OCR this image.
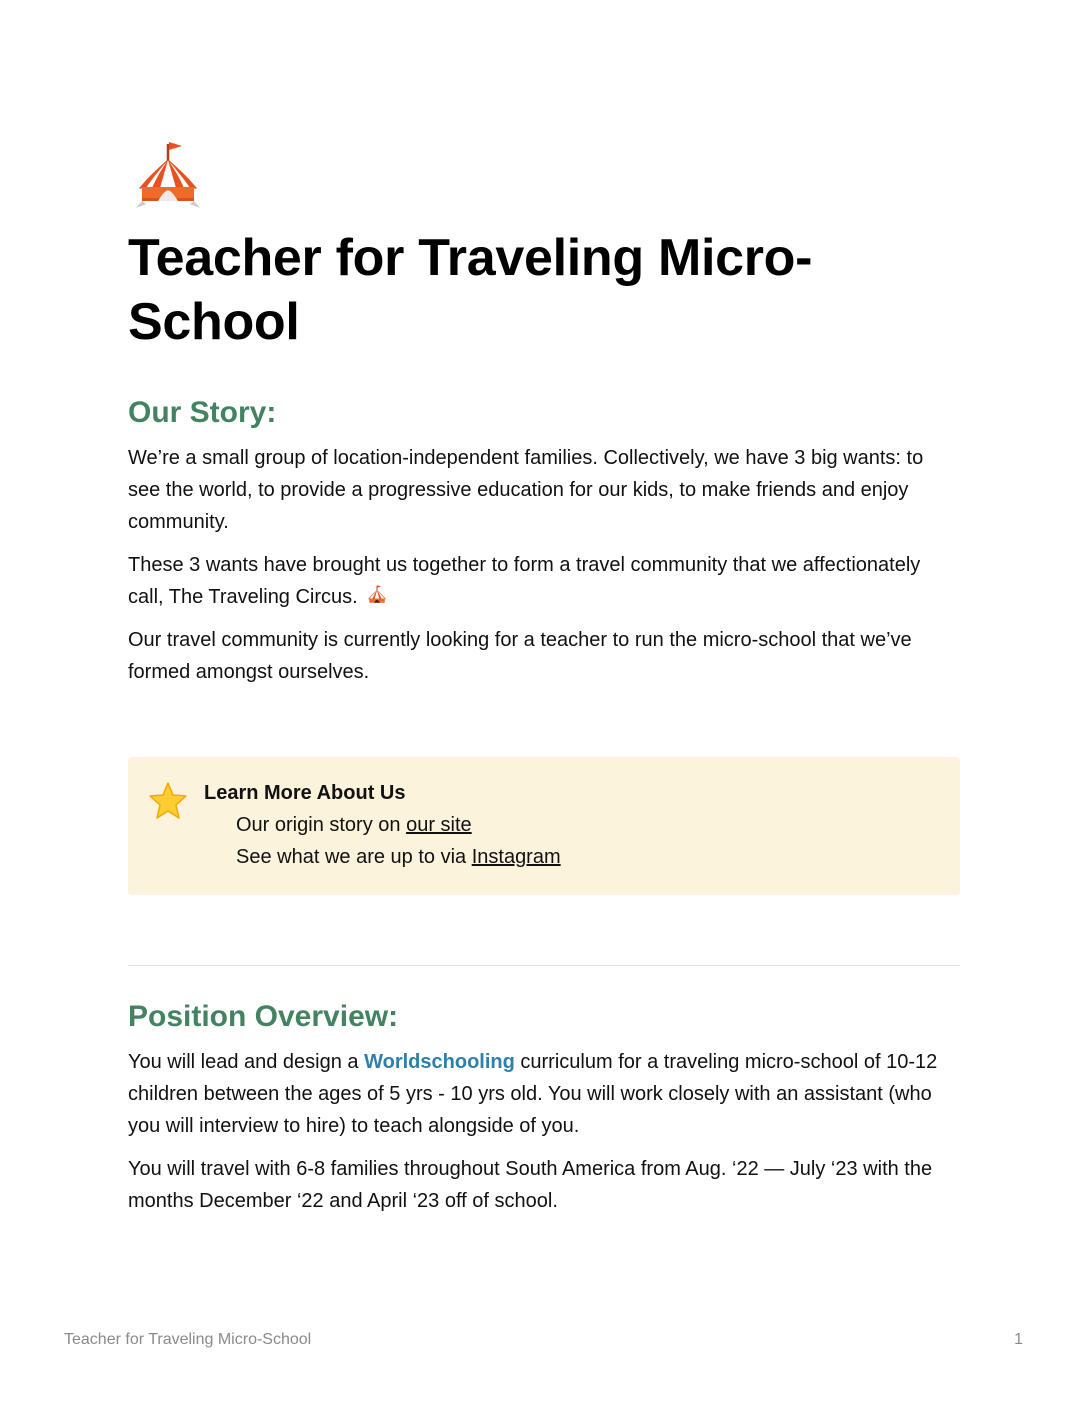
Teacher for Traveling Micro-School
Our Story:

We’re a small group of location-independent families. Collectively, we have 3 big wants: to see the world, to provide a progressive education for our kids, to make friends and enjoy community.

These 3 wants have brought us together to form a travel community that we affectionately call, The Traveling Circus.

Our travel community is currently looking for a teacher to run the micro-school that we’ve formed amongst ourselves.

Learn More About Us
Our origin story on our site
See what we are up to via Instagram
Position Overview:

You will lead and design a Worldschooling curriculum for a traveling micro-school of 10-12 children between the ages of 5 yrs - 10 yrs old. You will work closely with an assistant (who you will interview to hire) to teach alongside of you.

You will travel with 6-8 families throughout South America from Aug. ‘22 — July ‘23 with the months December ‘22 and April ‘23 off of school.

Teacher for Traveling Micro-School	1
